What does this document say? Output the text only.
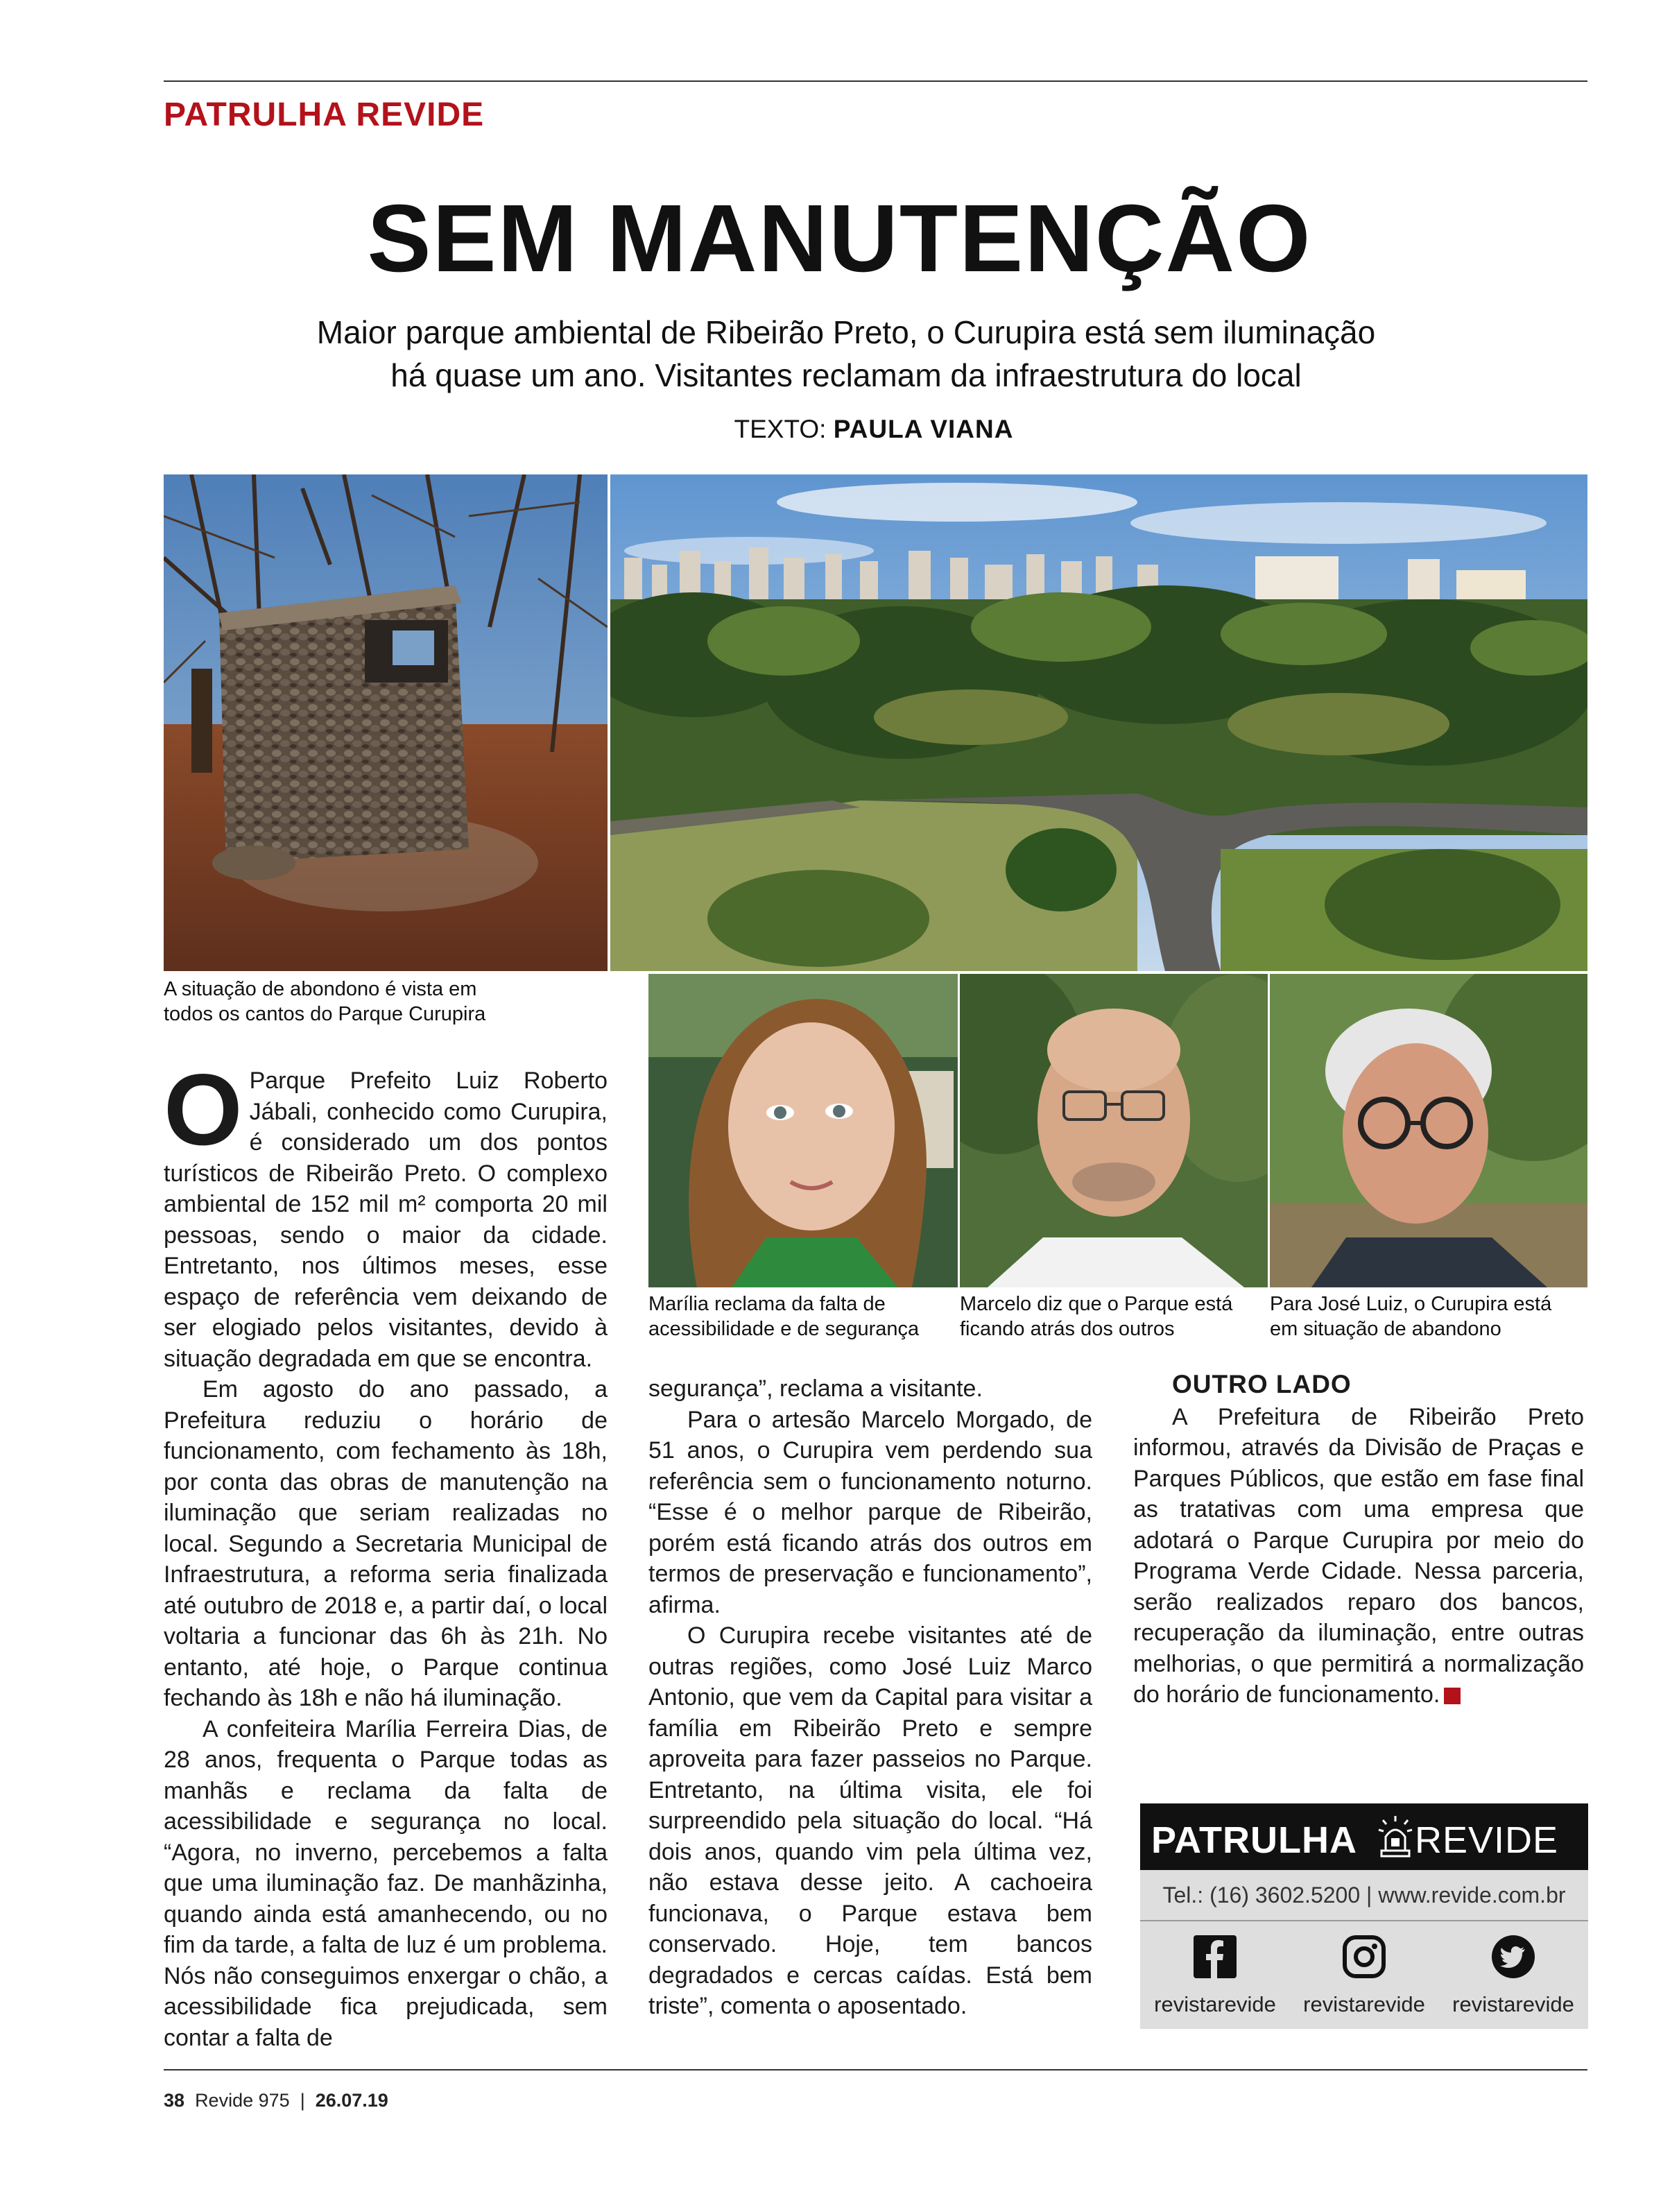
PATRULHA REVIDE
SEM MANUTENÇÃO
Maior parque ambiental de Ribeirão Preto, o Curupira está sem iluminação
há quase um ano. Visitantes reclamam da infraestrutura do local
TEXTO: PAULA VIANA
A situação de abondono é vista em
todos os cantos do Parque Curupira
Marília reclama da falta de
acessibilidade e de segurança
Marcelo diz que o Parque está
ficando atrás dos outros
Para José Luiz, o Curupira está
em situação de abandono

O Parque Prefeito Luiz Roberto Jábali, conhecido como Curupira, é considerado um dos pontos turísticos de Ribeirão Preto. O complexo ambiental de 152 mil m² comporta 20 mil pessoas, sendo o maior da cidade. Entretanto, nos últimos meses, esse espaço de referência vem deixando de ser elogiado pelos visitantes, devido à situação degradada em que se encontra.

Em agosto do ano passado, a Prefeitura reduziu o horário de funcionamento, com fechamento às 18h, por conta das obras de manutenção na iluminação que seriam realizadas no local. Segundo a Secretaria Municipal de Infraestrutura, a reforma seria finalizada até outubro de 2018 e, a partir daí, o local voltaria a funcionar das 6h às 21h. No entanto, até hoje, o Parque continua fechando às 18h e não há iluminação.

A confeiteira Marília Ferreira Dias, de 28 anos, frequenta o Parque todas as manhãs e reclama da falta de acessibilidade e segurança no local. “Agora, no inverno, percebemos a falta que uma iluminação faz. De manhãzinha, quando ainda está amanhecendo, ou no fim da tarde, a falta de luz é um problema. Nós não conseguimos enxergar o chão, a acessibilidade fica prejudicada, sem contar a falta de

segurança”, reclama a visitante.

Para o artesão Marcelo Morgado, de 51 anos, o Curupira vem perdendo sua referência sem o funcionamento noturno. “Esse é o melhor parque de Ribeirão, porém está ficando atrás dos outros em termos de preservação e funcionamento”, afirma.

O Curupira recebe visitantes até de outras regiões, como José Luiz Marco Antonio, que vem da Capital para visitar a família em Ribeirão Preto e sempre aproveita para fazer passeios no Parque. Entretanto, na última visita, ele foi surpreendido pela situação do local. “Há dois anos, quando vim pela última vez, não estava desse jeito. A cachoeira funcionava, o Parque estava bem conservado. Hoje, tem bancos degradados e cercas caídas. Está bem triste”, comenta o aposentado.

OUTRO LADO

A Prefeitura de Ribeirão Preto informou, através da Divisão de Praças e Parques Públicos, que estão em fase final as tratativas com uma empresa que adotará o Parque Curupira por meio do Programa Verde Cidade. Nessa parceria, serão realizados reparo dos bancos, recuperação da iluminação, entre outras melhorias, o que permitirá a normalização do horário de funcionamento.	R

PATRULHA REVIDE
Tel.: (16) 3602.5200 | www.revide.com.br
revistarevide	revistarevide	revistarevide
38 Revide 975 | 26.07.19
